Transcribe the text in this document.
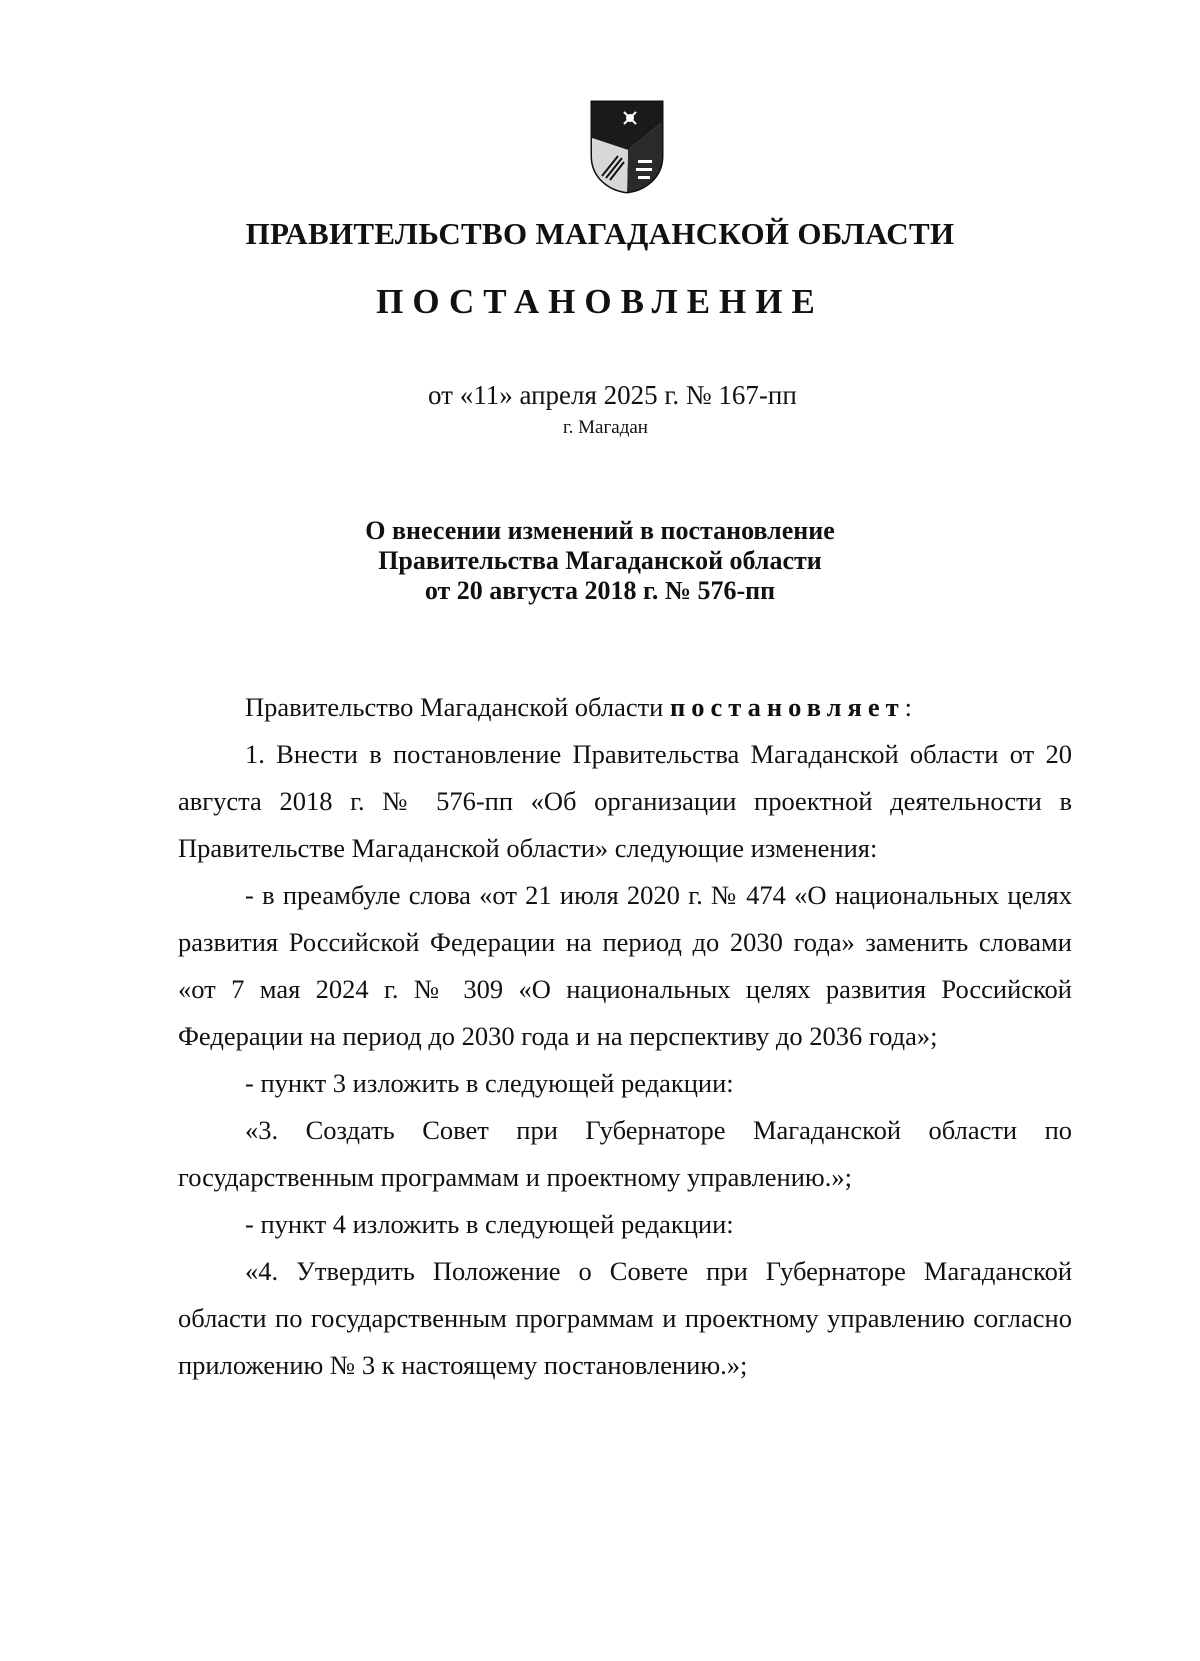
ПРАВИТЕЛЬСТВО МАГАДАНСКОЙ ОБЛАСТИ
ПОСТАНОВЛЕНИЕ
от «11» апреля 2025 г. № 167-пп
г. Магадан
О внесении изменений в постановление
Правительства Магаданской области
от 20 августа 2018 г. № 576-пп

Правительство Магаданской области постановляет:

1. Внести в постановление Правительства Магаданской области от 20 августа 2018 г. № 576-пп «Об организации проектной деятельности в Правительстве Магаданской области» следующие изменения:

- в преамбуле слова «от 21 июля 2020 г. № 474 «О национальных целях развития Российской Федерации на период до 2030 года» заменить словами «от 7 мая 2024 г. № 309 «О национальных целях развития Российской Федерации на период до 2030 года и на перспективу до 2036 года»;

- пункт 3 изложить в следующей редакции:

«3. Создать Совет при Губернаторе Магаданской области по государственным программам и проектному управлению.»;

- пункт 4 изложить в следующей редакции:

«4. Утвердить Положение о Совете при Губернаторе Магаданской области по государственным программам и проектному управлению согласно приложению № 3 к настоящему постановлению.»;
